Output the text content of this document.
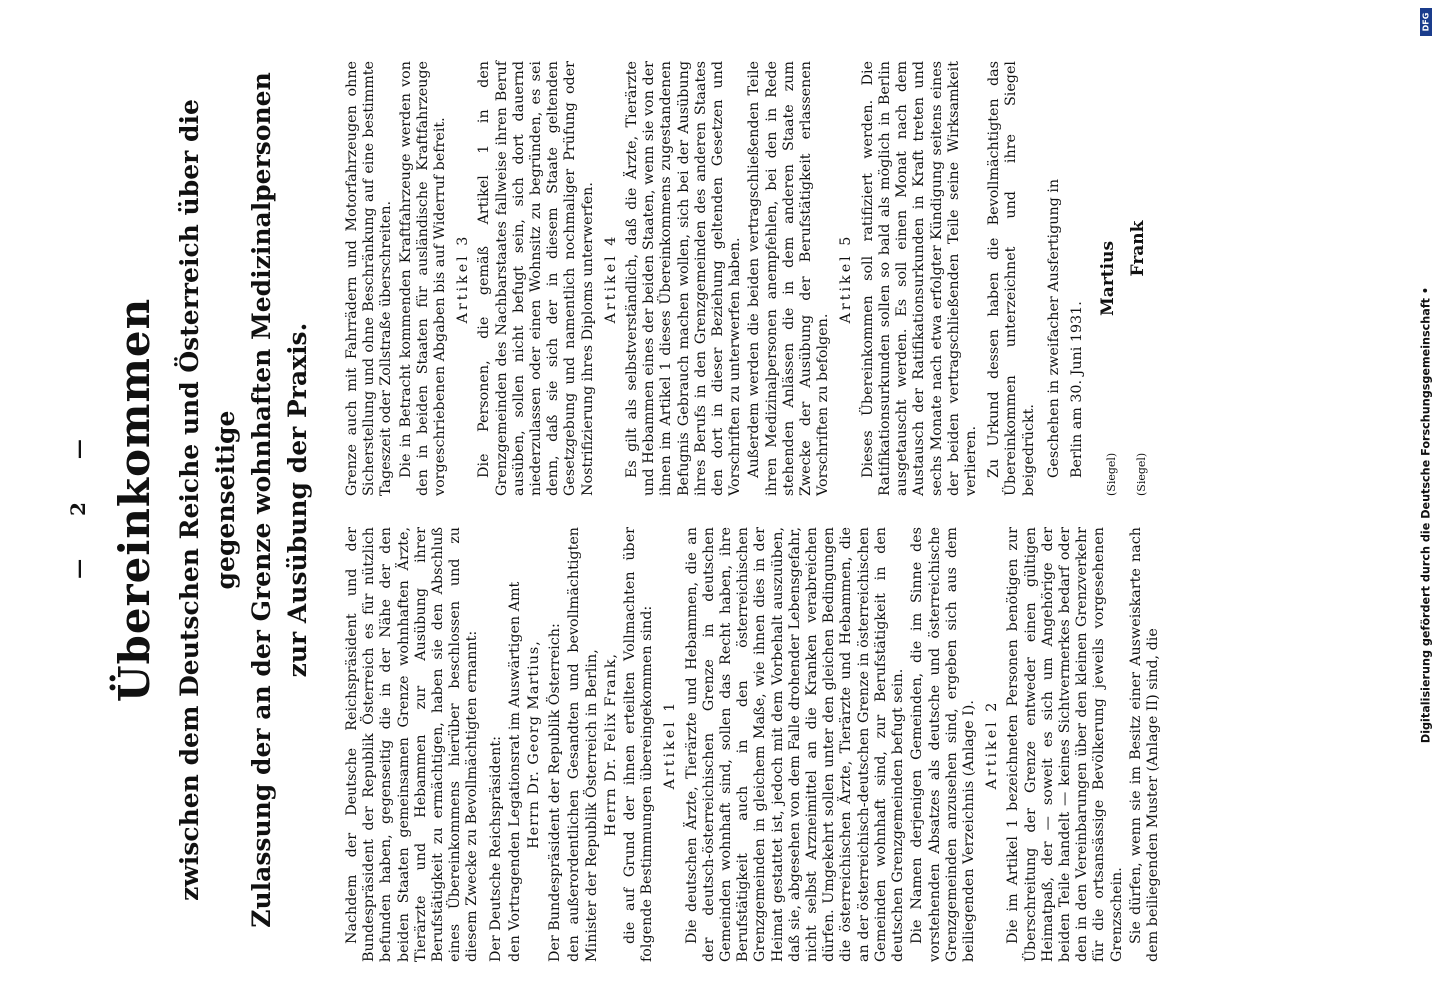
— 2 — Übereinkommen zwischen dem Deutschen Reiche und Österreich über die gegenseitige Zulassung der an der Grenze wohnhaften Medizinalpersonen zur Ausübung der Praxis.

Nachdem der Deutsche Reichspräsident und der Bundespräsident der Republik Österreich es für nützlich befunden haben, gegenseitig die in der Nähe der den beiden Staaten gemeinsamen Grenze wohnhaften Ärzte, Tierärzte und Hebammen zur Ausübung ihrer Berufstätigkeit zu ermächtigen, haben sie den Abschluß eines Übereinkommens hierüber beschlossen und zu diesem Zwecke zu Bevollmächtigten ernannt: Der Deutsche Reichspräsident: den Vortragenden Legationsrat im Auswärtigen Amt Herrn Dr. Georg Martius, Der Bundespräsident der Republik Österreich: den außerordentlichen Gesandten und bevollmächtigten Minister der Republik Österreich in Berlin, Herrn Dr. Felix Frank, die auf Grund der ihnen erteilten Vollmachten über folgende Bestimmungen übereingekommen sind: Artikel 1 Die deutschen Ärzte, Tierärzte und Hebammen, die an der deutsch-österreichischen Grenze in deutschen Gemeinden wohnhaft sind, sollen das Recht haben, ihre Berufstätigkeit auch in den österreichischen Grenzgemeinden in gleichem Maße, wie ihnen dies in der Heimat gestattet ist, jedoch mit dem Vorbehalt auszuüben, daß sie, abgesehen von dem Falle drohender Lebensgefahr, nicht selbst Arzneimittel an die Kranken verabreichen dürfen. Umgekehrt sollen unter den gleichen Bedingungen die österreichischen Ärzte, Tierärzte und Hebammen, die an der österreichisch-deutschen Grenze in österreichischen Gemeinden wohnhaft sind, zur Berufstätigkeit in den deutschen Grenzgemeinden befugt sein. Die Namen derjenigen Gemeinden, die im Sinne des vorstehenden Absatzes als deutsche und österreichische Grenzgemeinden anzusehen sind, ergeben sich aus dem beiliegenden Verzeichnis (Anlage I). Artikel 2 Die im Artikel 1 bezeichneten Personen benötigen zur Überschreitung der Grenze entweder einen gültigen Heimatpaß, der — soweit es sich um Angehörige der beiden Teile handelt — keines Sichtvermerkes bedarf oder den in den Vereinbarungen über den kleinen Grenzverkehr für die ortsansässige Bevölkerung jeweils vorgesehenen Grenzschein. Sie dürfen, wenn sie im Besitz einer Ausweiskarte nach dem beiliegenden Muster (Anlage II) sind, die

Grenze auch mit Fahrrädern und Motorfahrzeugen ohne Sicherstellung und ohne Beschränkung auf eine bestimmte Tageszeit oder Zollstraße überschreiten. Die in Betracht kommenden Kraftfahrzeuge werden von den in beiden Staaten für ausländische Kraftfahrzeuge vorgeschriebenen Abgaben bis auf Widerruf befreit. Artikel 3 Die Personen, die gemäß Artikel 1 in den Grenzgemeinden des Nachbarstaates fallweise ihren Beruf ausüben, sollen nicht befugt sein, sich dort dauernd niederzulassen oder einen Wohnsitz zu begründen, es sei denn, daß sie sich der in diesem Staate geltenden Gesetzgebung und namentlich nochmaliger Prüfung oder Nostrifizierung ihres Diploms unterwerfen. Artikel 4 Es gilt als selbstverständlich, daß die Ärzte, Tierärzte und Hebammen eines der beiden Staaten, wenn sie von der ihnen im Artikel 1 dieses Übereinkommens zugestandenen Befugnis Gebrauch machen wollen, sich bei der Ausübung ihres Berufs in den Grenzgemeinden des anderen Staates den dort in dieser Beziehung geltenden Gesetzen und Vorschriften zu unterwerfen haben. Außerdem werden die beiden vertragschließenden Teile ihren Medizinalpersonen anempfehlen, bei den in Rede stehenden Anlässen die in dem anderen Staate zum Zwecke der Ausübung der Berufstätigkeit erlassenen Vorschriften zu befolgen.

Artikel 5 Dieses Übereinkommen soll ratifiziert werden. Die Ratifikationsurkunden sollen so bald als möglich in Berlin ausgetauscht werden. Es soll einen Monat nach dem Austausch der Ratifikationsurkunden in Kraft treten und sechs Monate nach etwa erfolgter Kündigung seitens eines der beiden vertragschließenden Teile seine Wirksamkeit verlieren. Zu Urkund dessen haben die Bevollmächtigten das Übereinkommen unterzeichnet und ihre Siegel beigedrückt. Geschehen in zweifacher Ausfertigung in Berlin am 30. Juni 1931. (Siegel)
Martius
(Siegel)
Frank
DFG
Digitalisierung gefördert durch die Deutsche Forschungsgemeinschaft •
